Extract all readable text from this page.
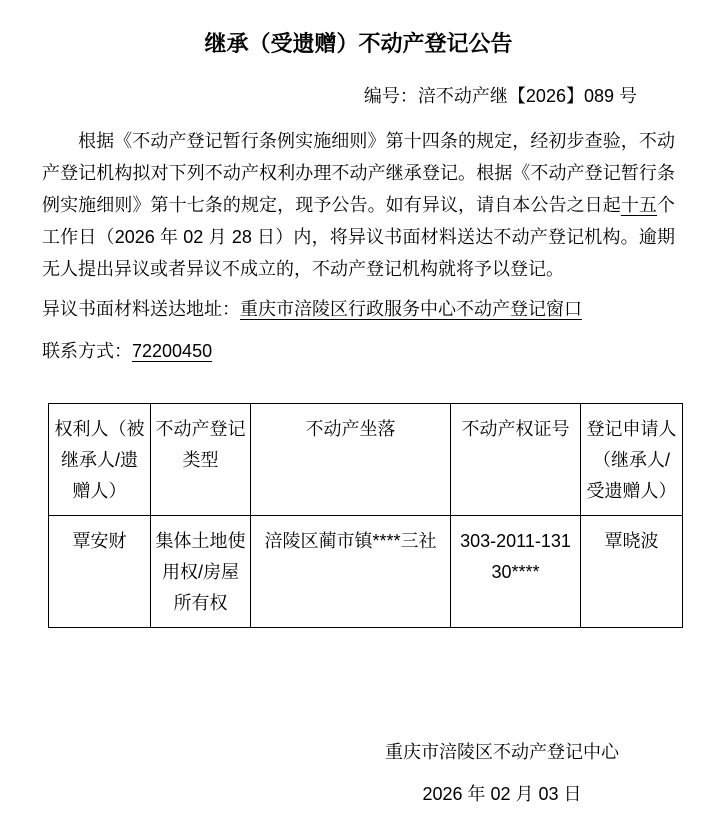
继承（受遗赠）不动产登记公告
编号：涪不动产继【2026】089 号

根据《不动产登记暂行条例实施细则》第十四条的规定，经初步查验，不动产登记机构拟对下列不动产权利办理不动产继承登记。根据《不动产登记暂行条例实施细则》第十七条的规定，现予公告。如有异议，请自本公告之日起十五个工作日（2026 年 02 月 28 日）内，将异议书面材料送达不动产登记机构。逾期无人提出异议或者异议不成立的，不动产登记机构就将予以登记。

异议书面材料送达地址：重庆市涪陵区行政服务中心不动产登记窗口

联系方式：72200450

权利人（被继承人/遗赠人）	不动产登记类型	不动产坐落	不动产权证号	登记申请人（继承人/受遗赠人）
覃安财	集体土地使用权/房屋所有权	涪陵区蔺市镇****三社	303-2011-13130****	覃晓波
重庆市涪陵区不动产登记中心
2026 年 02 月 03 日
